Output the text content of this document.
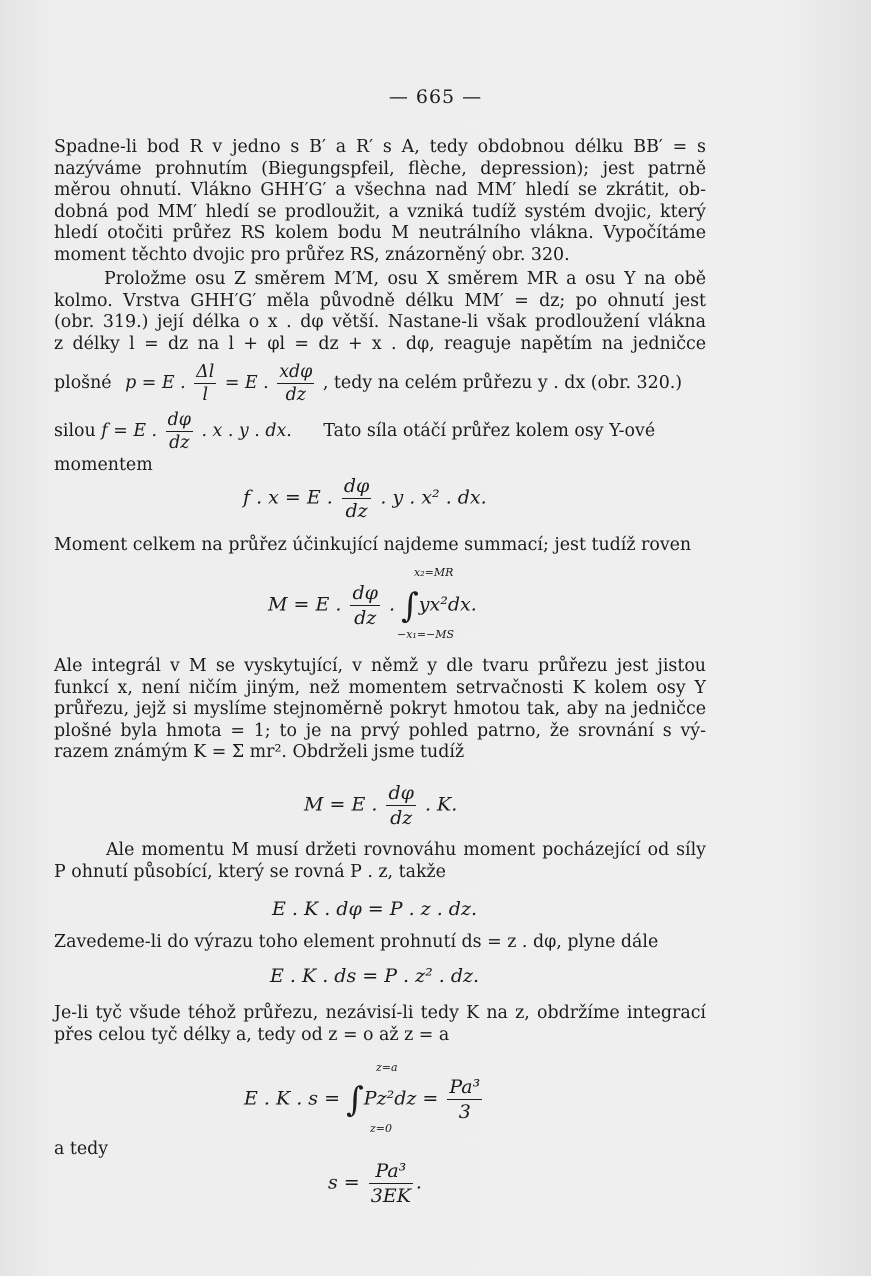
— 665 —
Spadne-li bod R v jedno s B′ a R′ s A, tedy obdobnou délku BB′ = s
nazýváme prohnutím (Biegungspfeil, flèche, depression); jest patrně
měrou ohnutí. Vlákno GHH′G′ a všechna nad MM′ hledí se zkrátit, ob-
dobná pod MM′ hledí se prodloužit, a vzniká tudíž systém dvojic, který
hledí otočiti průřez RS kolem bodu M neutrálního vlákna. Vypočítáme
moment těchto dvojic pro průřez RS, znázorněný obr. 320.
Proložme osu Z směrem M′M, osu X směrem MR a osu Y na obě
kolmo. Vrstva GHH′G′ měla původně délku MM′ = dz; po ohnutí jest
(obr. 319.) její délka o x . dφ větší. Nastane-li však prodloužení vlákna
z délky l = dz na l + φl = dz + x . dφ, reaguje napětím na jedničce
plošné p = E . $\frac{\Delta l}{l} = E$ . $\frac{\text{xdφ}}{dz}$ , tedy na celém průřezu y . dx (obr. 320.)
silou f = E . $\frac{d\varphi}{dz}$ . x . y . dx. Tato síla otáčí průřez kolem osy Y-ové
momentem
f . x = E . $\frac{d\varphi}{dz}$ . y . x² . dx.
Moment celkem na průřez účinkující najdeme summací; jest tudíž roven
M = E . $\frac{d\varphi}{dz}$ . ∫yx²dx.
x₂=MR
−x₁=−MS
Ale integrál v M se vyskytující, v němž y dle tvaru průřezu jest jistou
funkcí x, není ničím jiným, než momentem setrvačnosti K kolem osy Y
průřezu, jejž si myslíme stejnoměrně pokryt hmotou tak, aby na jedničce
plošné byla hmota = 1; to je na prvý pohled patrno, že srovnání s vý-
razem známým K = Σ mr². Obdrželi jsme tudíž
M = E . $\frac{d\varphi}{dz}$ . K.
Ale momentu M musí držeti rovnováhu moment pocházející od síly
P ohnutí působící, který se rovná P . z, takže
E . K . dφ = P . z . dz.
Zavedeme-li do výrazu toho element prohnutí ds = z . dφ, plyne dále
E . K . ds = P . z² . dz.
Je-li tyč všude téhož průřezu, nezávisí-li tedy K na z, obdržíme integrací
přes celou tyč délky a, tedy od z = o až z = a
E . K . $s = \int Pz^2dz = \frac{\text{Pa³}}{3}$
z=a
z=0
a tedy
$s = \frac{\text{Pa³}}{3EK}$ .
